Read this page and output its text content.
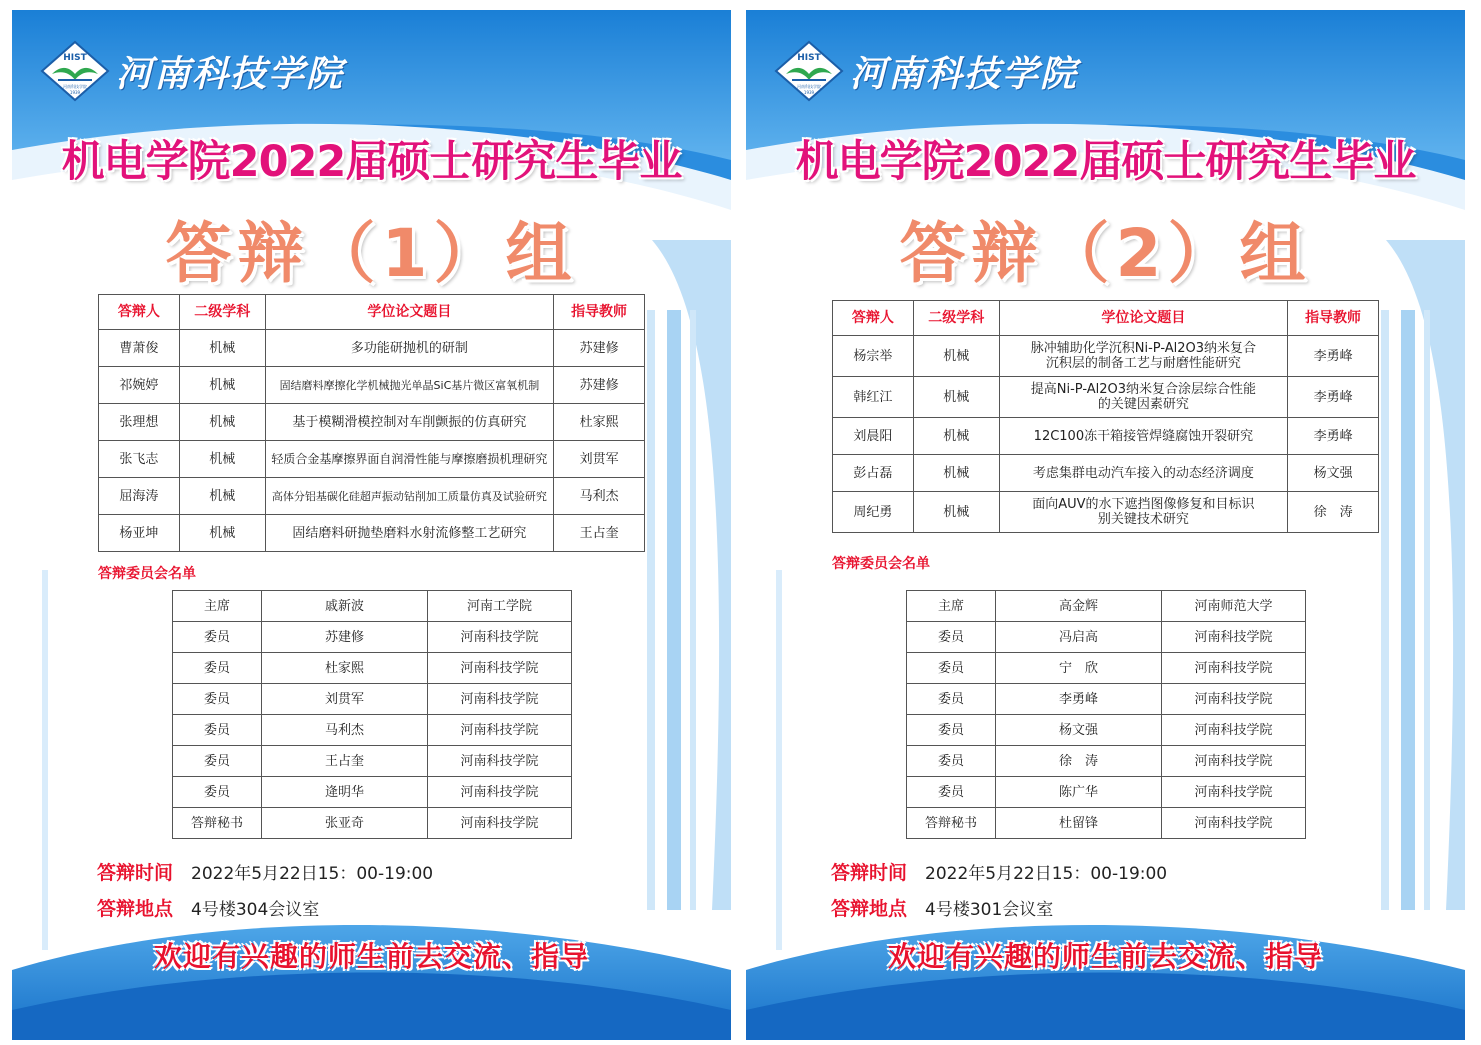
HIST
河南科技学院
1939 河南科技学院
机电学院2022届硕士研究生毕业
答辩（1）组
答辩人	二级学科	学位论文题目	指导教师
曹萧俊	机械	多功能研抛机的研制	苏建修
祁婉婷	机械	固结磨料摩擦化学机械抛光单晶SiC基片微区富氧机制	苏建修
张理想	机械	基于模糊滑模控制对车削颤振的仿真研究	杜家熙
张飞志	机械	轻质合金基摩擦界面自润滑性能与摩擦磨损机理研究	刘贯军
屈海涛	机械	高体分铝基碳化硅超声振动钻削加工质量仿真及试验研究	马利杰
杨亚坤	机械	固结磨料研抛垫磨料水射流修整工艺研究	王占奎
答辩委员会名单
主席	戚新波	河南工学院
委员	苏建修	河南科技学院
委员	杜家熙	河南科技学院
委员	刘贯军	河南科技学院
委员	马利杰	河南科技学院
委员	王占奎	河南科技学院
委员	逄明华	河南科技学院
答辩秘书	张亚奇	河南科技学院
答辩时间 2022年5月22日15：00-19:00
答辩地点 4号楼304会议室
欢迎有兴趣的师生前去交流、指导
HIST
河南科技学院
1939 河南科技学院
机电学院2022届硕士研究生毕业
答辩（2）组
答辩人	二级学科	学位论文题目	指导教师
杨宗举	机械	脉冲辅助化学沉积Ni-P-Al2O3纳米复合沉积层的制备工艺与耐磨性能研究	李勇峰
韩红江	机械	提高Ni-P-Al2O3纳米复合涂层综合性能的关键因素研究	李勇峰
刘晨阳	机械	12C100冻干箱接管焊缝腐蚀开裂研究	李勇峰
彭占磊	机械	考虑集群电动汽车接入的动态经济调度	杨文强
周纪勇	机械	面向AUV的水下遮挡图像修复和目标识别关键技术研究	徐　涛
答辩委员会名单
主席	高金辉	河南师范大学
委员	冯启高	河南科技学院
委员	宁　欣	河南科技学院
委员	李勇峰	河南科技学院
委员	杨文强	河南科技学院
委员	徐　涛	河南科技学院
委员	陈广华	河南科技学院
答辩秘书	杜留锋	河南科技学院
答辩时间 2022年5月22日15：00-19:00
答辩地点 4号楼301会议室
欢迎有兴趣的师生前去交流、指导
